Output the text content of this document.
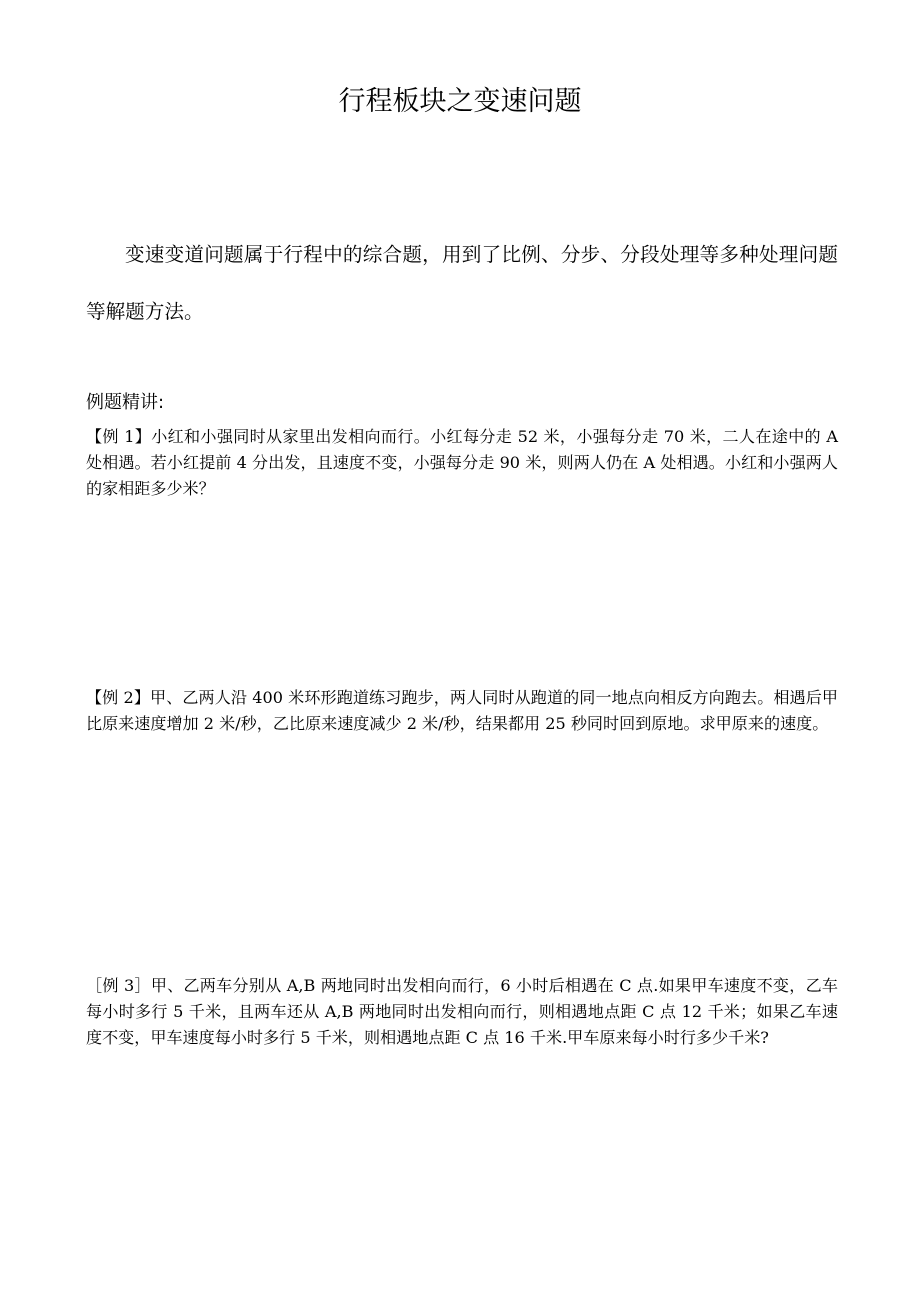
行程板块之变速问题

变速变道问题属于行程中的综合题，用到了比例、分步、分段处理等多种处理问题等解题方法。

例题精讲:

【例 1】小红和小强同时从家里出发相向而行。小红每分走 52 米，小强每分走 70 米，二人在途中的 A 处相遇。若小红提前 4 分出发，且速度不变，小强每分走 90 米，则两人仍在 A 处相遇。小红和小强两人的家相距多少米？

【例 2】甲、乙两人沿 400 米环形跑道练习跑步，两人同时从跑道的同一地点向相反方向跑去。相遇后甲比原来速度增加 2 米/秒，乙比原来速度减少 2 米/秒，结果都用 25 秒同时回到原地。求甲原来的速度。

［例 3］甲、乙两车分别从 A,B 两地同时出发相向而行，6 小时后相遇在 C 点.如果甲车速度不变，乙车每小时多行 5 千米，且两车还从 A,B 两地同时出发相向而行，则相遇地点距 C 点 12 千米；如果乙车速度不变，甲车速度每小时多行 5 千米，则相遇地点距 C 点 16 千米.甲车原来每小时行多少千米?
